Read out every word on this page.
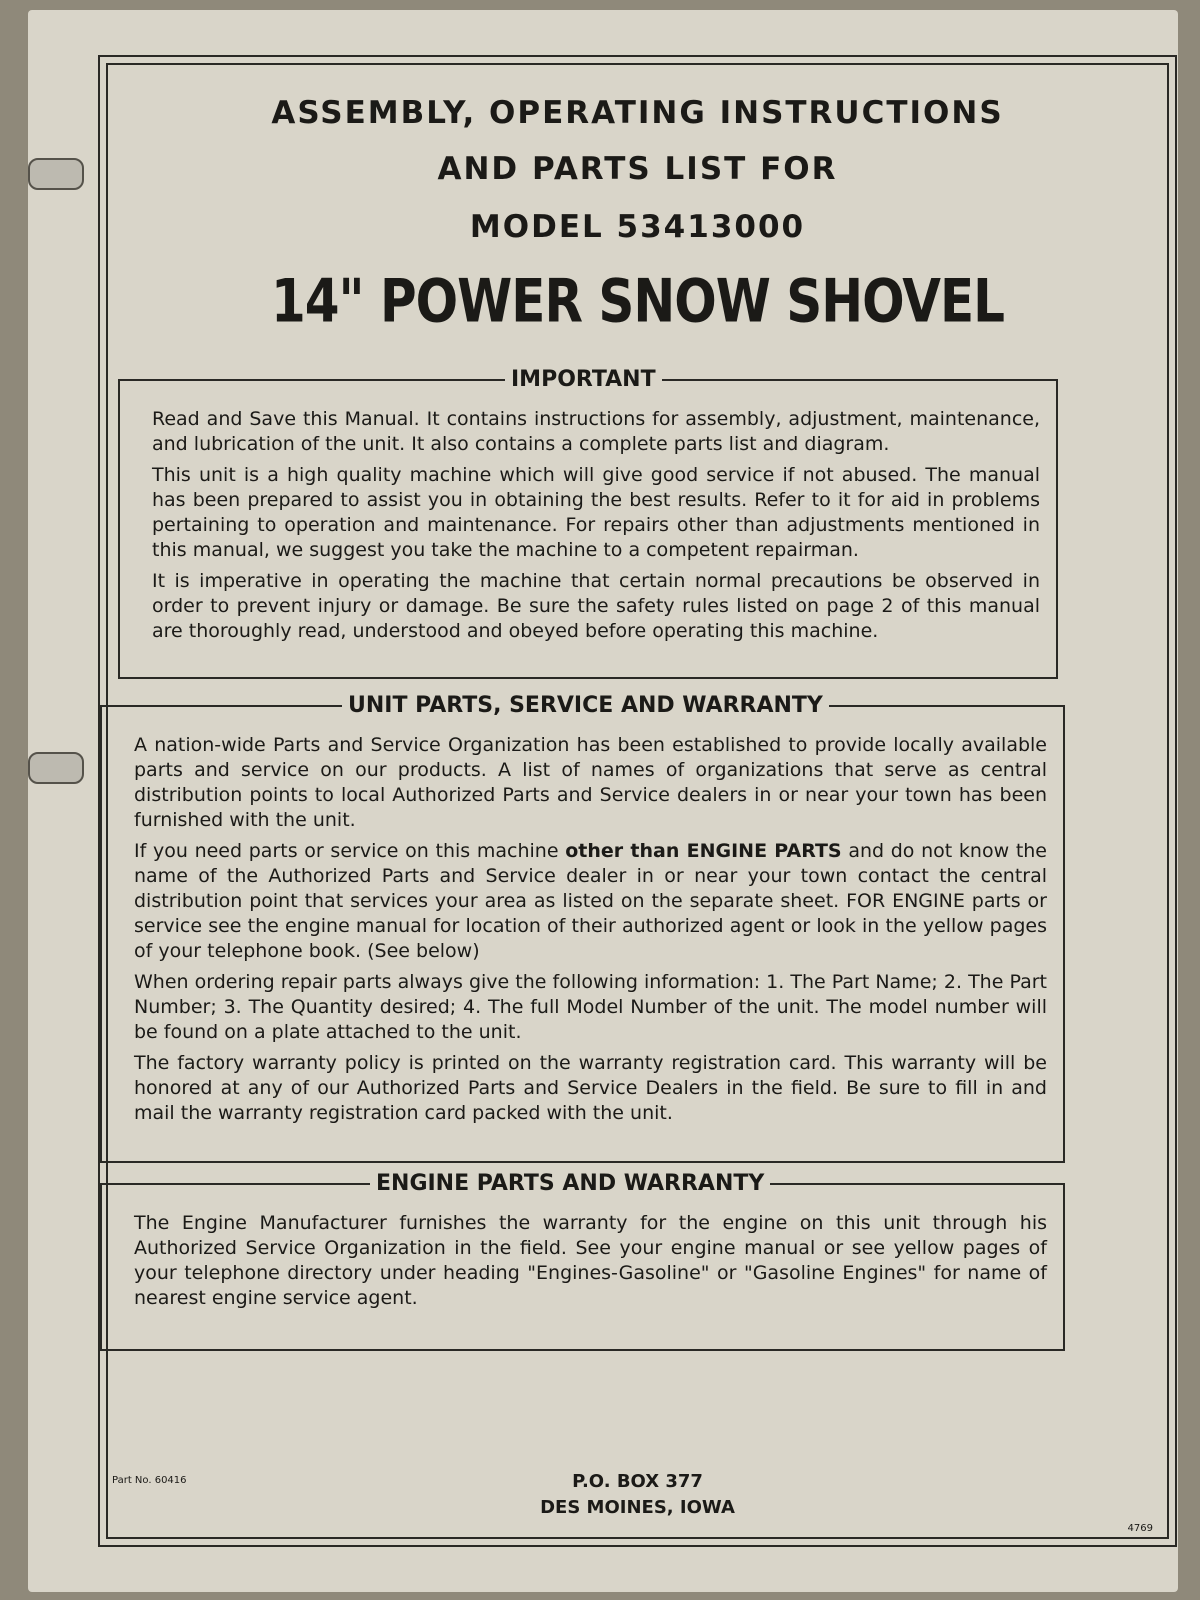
ASSEMBLY, OPERATING INSTRUCTIONS
AND PARTS LIST FOR
MODEL 53413000
14" POWER SNOW SHOVEL
IMPORTANT

Read and Save this Manual. It contains instructions for assembly, adjustment, maintenance, and lubrication of the unit. It also contains a complete parts list and diagram.

This unit is a high quality machine which will give good service if not abused. The manual has been prepared to assist you in obtaining the best results. Refer to it for aid in problems pertaining to operation and maintenance. For repairs other than adjustments mentioned in this manual, we suggest you take the machine to a competent repairman.

It is imperative in operating the machine that certain normal precautions be observed in order to prevent injury or damage. Be sure the safety rules listed on page 2 of this manual are thoroughly read, understood and obeyed before operating this machine.

UNIT PARTS, SERVICE AND WARRANTY

A nation-wide Parts and Service Organization has been established to provide locally available parts and service on our products. A list of names of organizations that serve as central distribution points to local Authorized Parts and Service dealers in or near your town has been furnished with the unit.

If you need parts or service on this machine other than ENGINE PARTS and do not know the name of the Authorized Parts and Service dealer in or near your town contact the central distribution point that services your area as listed on the separate sheet. FOR ENGINE parts or service see the engine manual for location of their authorized agent or look in the yellow pages of your telephone book. (See below)

When ordering repair parts always give the following information: 1. The Part Name; 2. The Part Number; 3. The Quantity desired; 4. The full Model Number of the unit. The model number will be found on a plate attached to the unit.

The factory warranty policy is printed on the warranty registration card. This warranty will be honored at any of our Authorized Parts and Service Dealers in the field. Be sure to fill in and mail the warranty registration card packed with the unit.

ENGINE PARTS AND WARRANTY

The Engine Manufacturer furnishes the warranty for the engine on this unit through his Authorized Service Organization in the field. See your engine manual or see yellow pages of your telephone directory under heading "Engines-Gasoline" or "Gasoline Engines" for name of nearest engine service agent.

Part No. 60416	P.O. BOX 377
DES MOINES, IOWA
4769
